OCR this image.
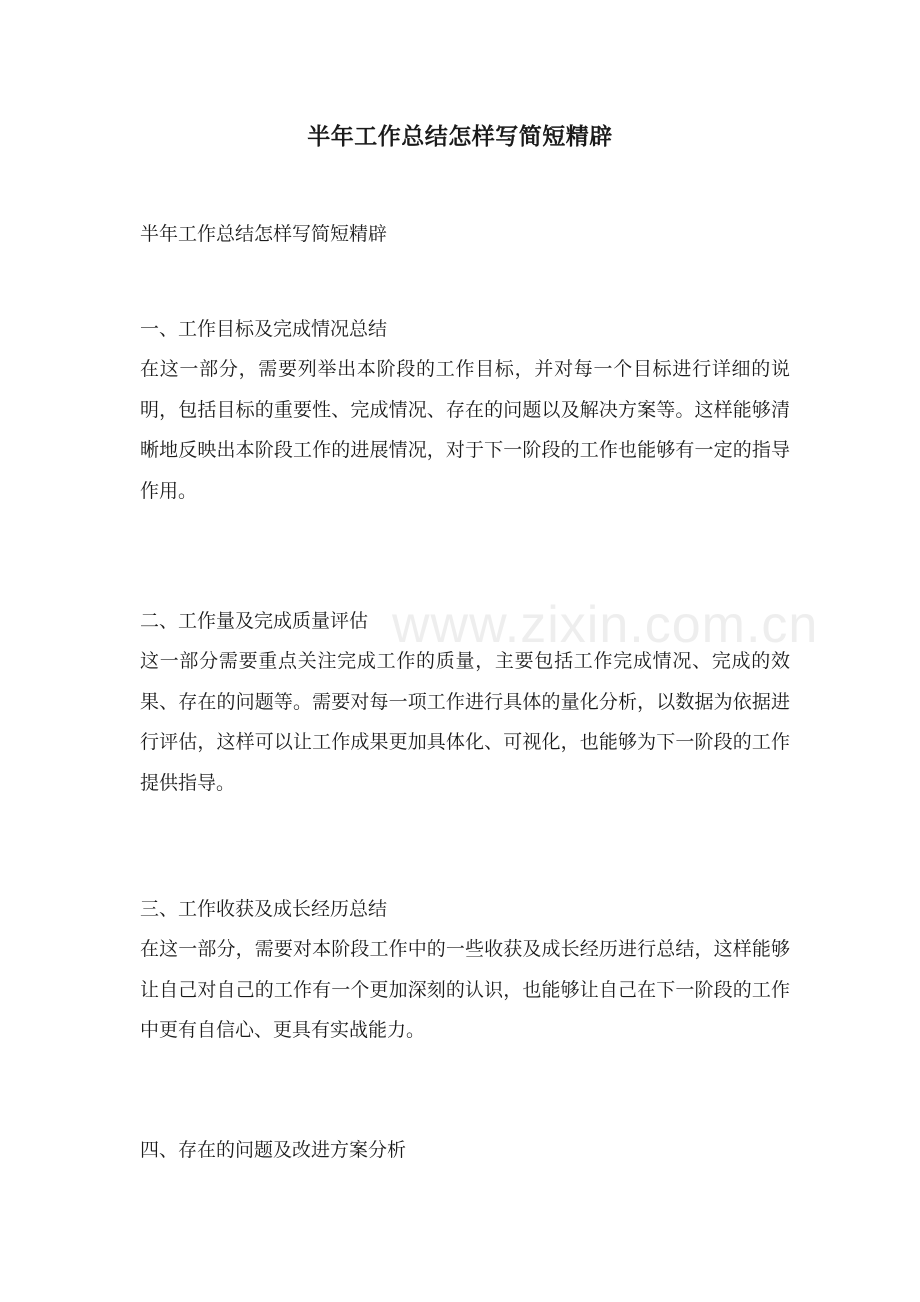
半年工作总结怎样写简短精辟
半年工作总结怎样写简短精辟
一、工作目标及完成情况总结

在这一部分，需要列举出本阶段的工作目标，并对每一个目标进行详细的说明，包括目标的重要性、完成情况、存在的问题以及解决方案等。这样能够清晰地反映出本阶段工作的进展情况，对于下一阶段的工作也能够有一定的指导作用。

二、工作量及完成质量评估

这一部分需要重点关注完成工作的质量，主要包括工作完成情况、完成的效果、存在的问题等。需要对每一项工作进行具体的量化分析，以数据为依据进行评估，这样可以让工作成果更加具体化、可视化，也能够为下一阶段的工作提供指导。

三、工作收获及成长经历总结

在这一部分，需要对本阶段工作中的一些收获及成长经历进行总结，这样能够让自己对自己的工作有一个更加深刻的认识，也能够让自己在下一阶段的工作中更有自信心、更具有实战能力。

四、存在的问题及改进方案分析

www.zixin.com.cn
